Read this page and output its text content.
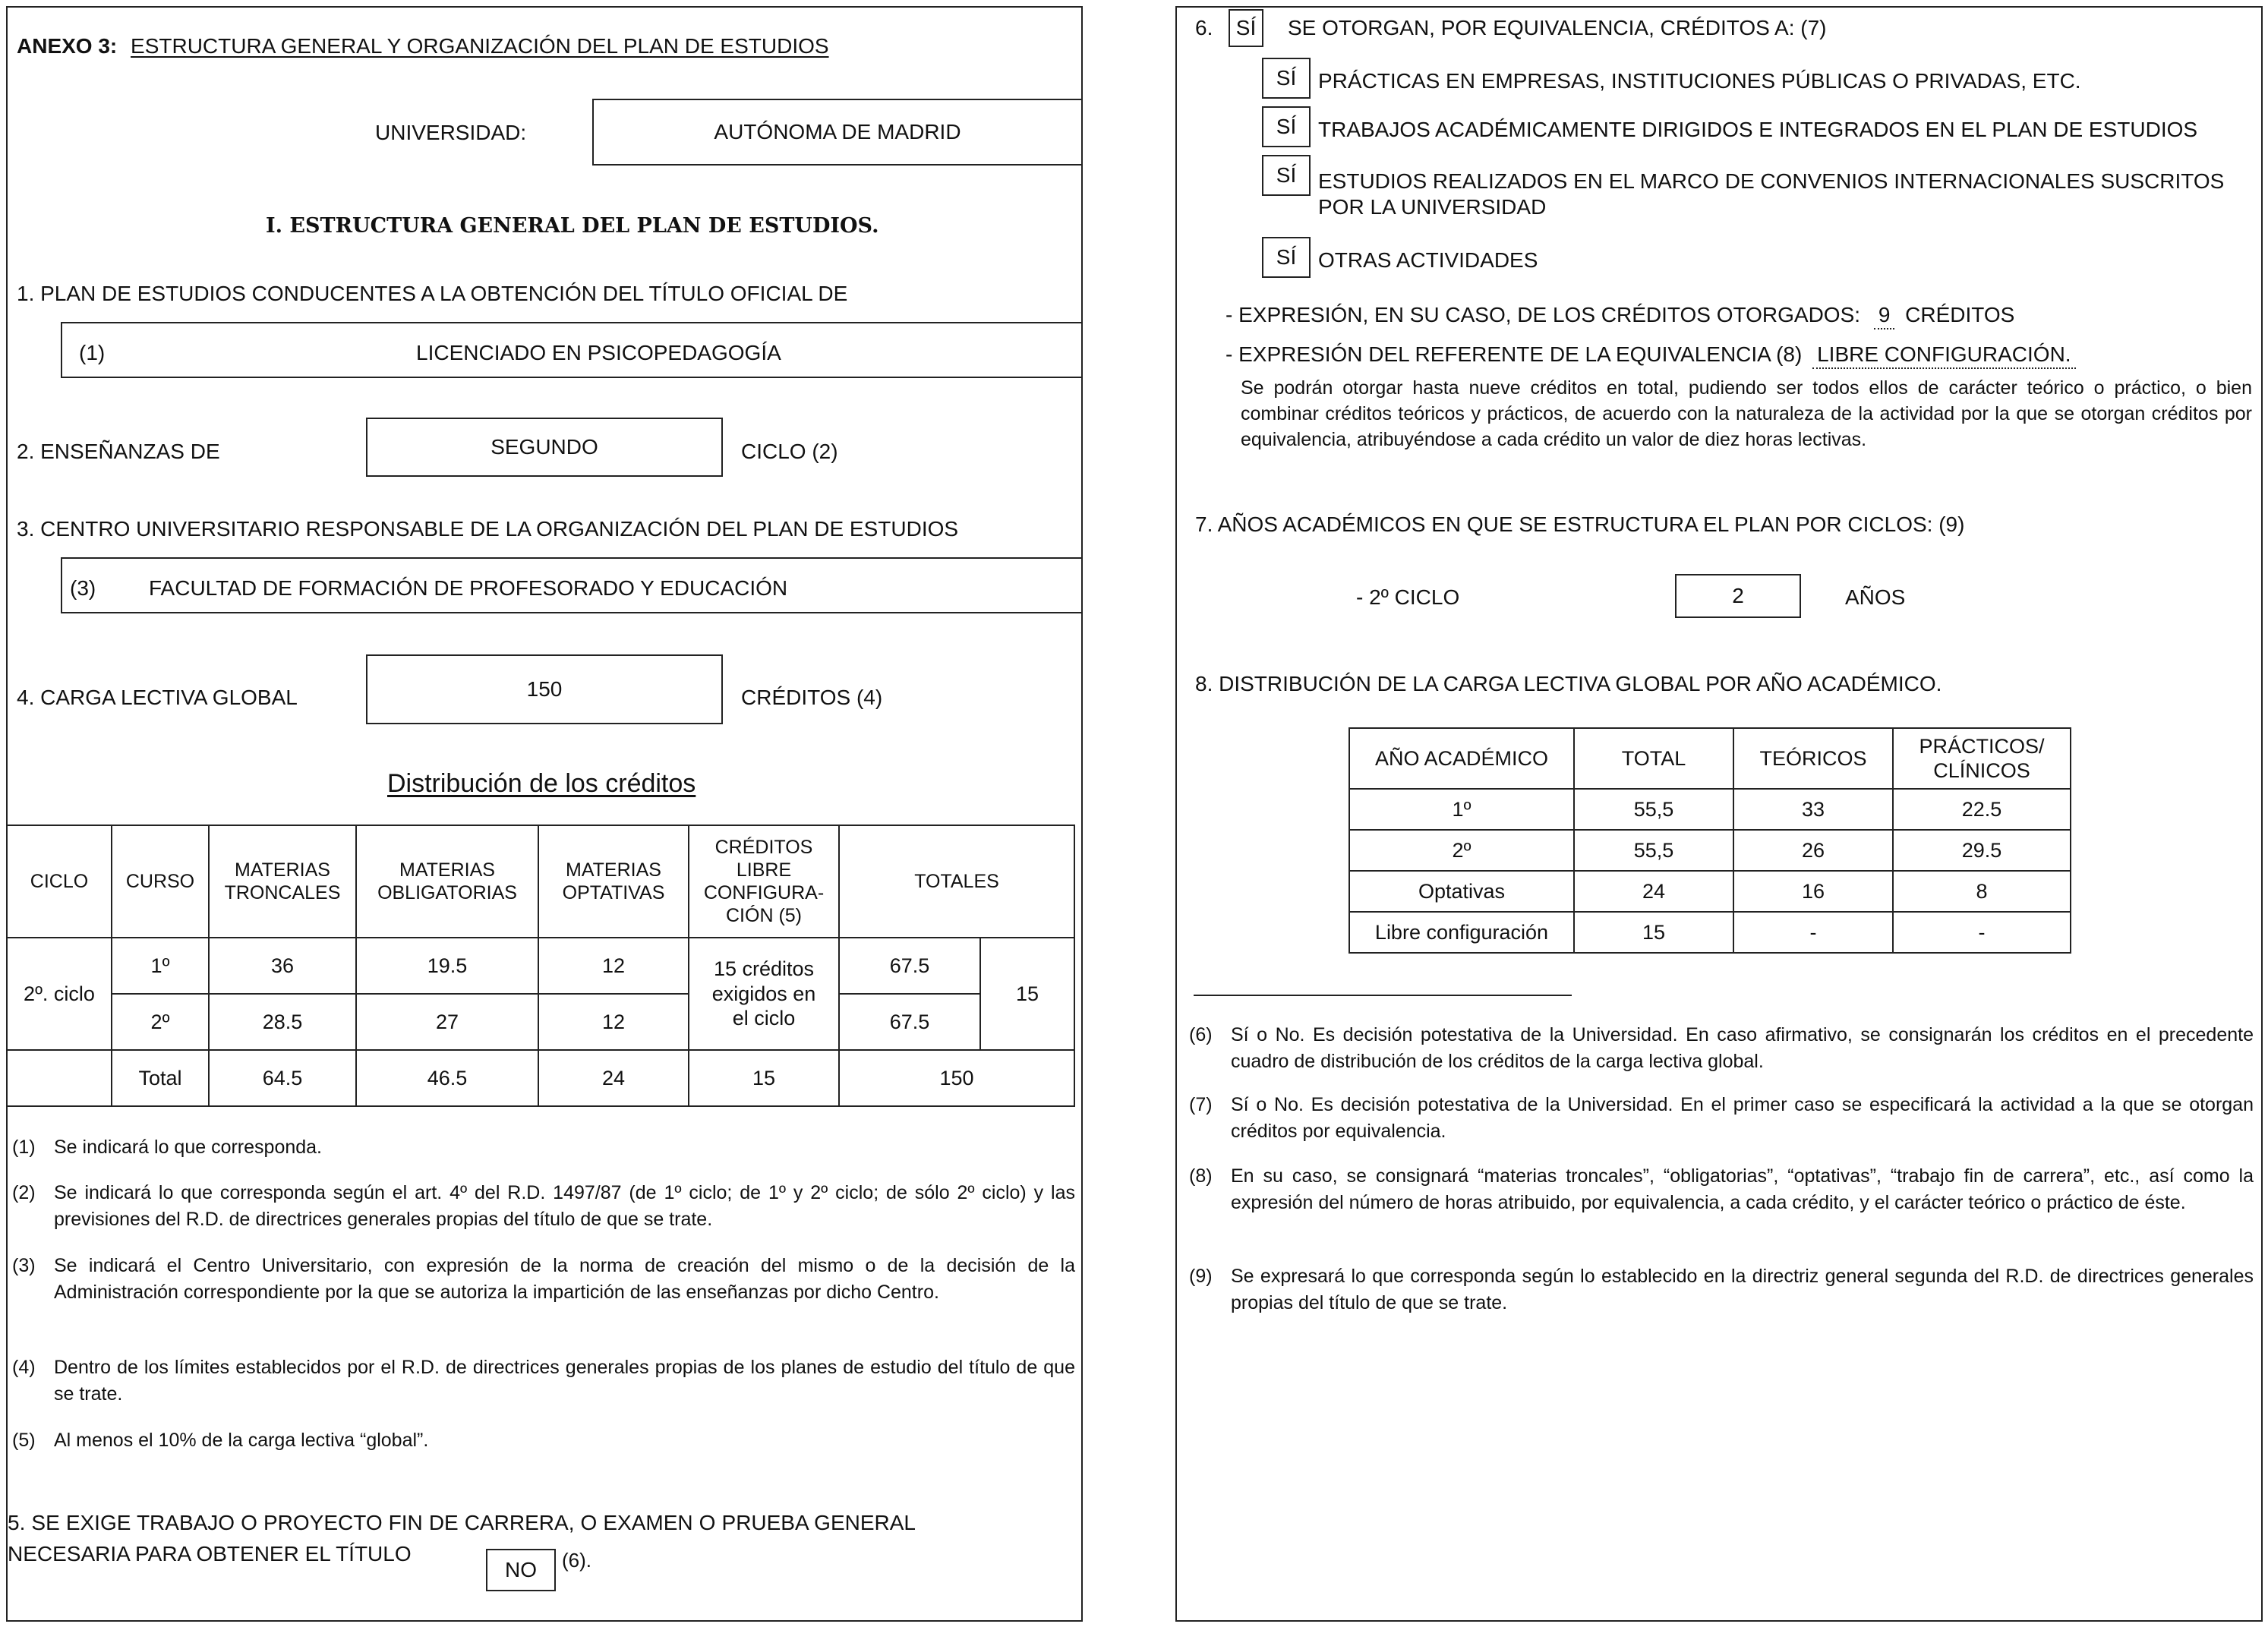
ANEXO 3: ESTRUCTURA GENERAL Y ORGANIZACIÓN DEL PLAN DE ESTUDIOS
UNIVERSIDAD:	AUTÓNOMA DE MADRID
I. ESTRUCTURA GENERAL DEL PLAN DE ESTUDIOS.
1. PLAN DE ESTUDIOS CONDUCENTES A LA OBTENCIÓN DEL TÍTULO OFICIAL DE
(1)	LICENCIADO EN PSICOPEDAGOGÍA
2. ENSEÑANZAS DE	SEGUNDO	CICLO (2)
3. CENTRO UNIVERSITARIO RESPONSABLE DE LA ORGANIZACIÓN DEL PLAN DE ESTUDIOS
(3) FACULTAD DE FORMACIÓN DE PROFESORADO Y EDUCACIÓN
4. CARGA LECTIVA GLOBAL	150	CRÉDITOS (4)
Distribución de los créditos
CICLO	CURSO	MATERIAS TRONCALES	MATERIAS OBLIGATORIAS	MATERIAS OPTATIVAS	CRÉDITOS LIBRE CONFIGURA- CIÓN (5)	TOTALES	
2º. ciclo	1º	36	19.5	12	15 créditos exigidos en el ciclo	67.5	15
	2º	28.5	27	12		67.5	
	Total	64.5	46.5	24	15	150	
(1) Se indicará lo que corresponda.
(2) Se indicará lo que corresponda según el art. 4º del R.D. 1497/87 (de 1º ciclo; de 1º y 2º ciclo; de sólo 2º ciclo) y las previsiones del R.D. de directrices generales propias del título de que se trate.
(3) Se indicará el Centro Universitario, con expresión de la norma de creación del mismo o de la decisión de la Administración correspondiente por la que se autoriza la impartición de las enseñanzas por dicho Centro.
(4) Dentro de los límites establecidos por el R.D. de directrices generales propias de los planes de estudio del título de que se trate.
(5) Al menos el 10% de la carga lectiva “global”.
5. SE EXIGE TRABAJO O PROYECTO FIN DE CARRERA, O EXAMEN O PRUEBA GENERAL NECESARIA PARA OBTENER EL TÍTULO
NO (6).
6. SÍ SE OTORGAN, POR EQUIVALENCIA, CRÉDITOS A: (7)
SÍ PRÁCTICAS EN EMPRESAS, INSTITUCIONES PÚBLICAS O PRIVADAS, ETC.
SÍ TRABAJOS ACADÉMICAMENTE DIRIGIDOS E INTEGRADOS EN EL PLAN DE ESTUDIOS
SÍ ESTUDIOS REALIZADOS EN EL MARCO DE CONVENIOS INTERNACIONALES SUSCRITOS POR LA UNIVERSIDAD
SÍ OTRAS ACTIVIDADES
- EXPRESIÓN, EN SU CASO, DE LOS CRÉDITOS OTORGADOS: 9 CRÉDITOS
- EXPRESIÓN DEL REFERENTE DE LA EQUIVALENCIA (8) LIBRE CONFIGURACIÓN.
Se podrán otorgar hasta nueve créditos en total, pudiendo ser todos ellos de carácter teórico o práctico, o bien combinar créditos teóricos y prácticos, de acuerdo con la naturaleza de la actividad por la que se otorgan créditos por equivalencia, atribuyéndose a cada crédito un valor de diez horas lectivas.
7. AÑOS ACADÉMICOS EN QUE SE ESTRUCTURA EL PLAN POR CICLOS: (9)
- 2º CICLO	2	AÑOS
8. DISTRIBUCIÓN DE LA CARGA LECTIVA GLOBAL POR AÑO ACADÉMICO.
AÑO ACADÉMICO	TOTAL	TEÓRICOS	PRÁCTICOS/ CLÍNICOS
1º	55,5	33	22.5
2º	55,5	26	29.5
Optativas	24	16	8
Libre configuración	15	-	-
(6) Sí o No. Es decisión potestativa de la Universidad. En caso afirmativo, se consignarán los créditos en el precedente cuadro de distribución de los créditos de la carga lectiva global.
(7) Sí o No. Es decisión potestativa de la Universidad. En el primer caso se especificará la actividad a la que se otorgan créditos por equivalencia.
(8) En su caso, se consignará “materias troncales”, “obligatorias”, “optativas”, “trabajo fin de carrera”, etc., así como la expresión del número de horas atribuido, por equivalencia, a cada crédito, y el carácter teórico o práctico de éste.
(9) Se expresará lo que corresponda según lo establecido en la directriz general segunda del R.D. de directrices generales propias del título de que se trate.
